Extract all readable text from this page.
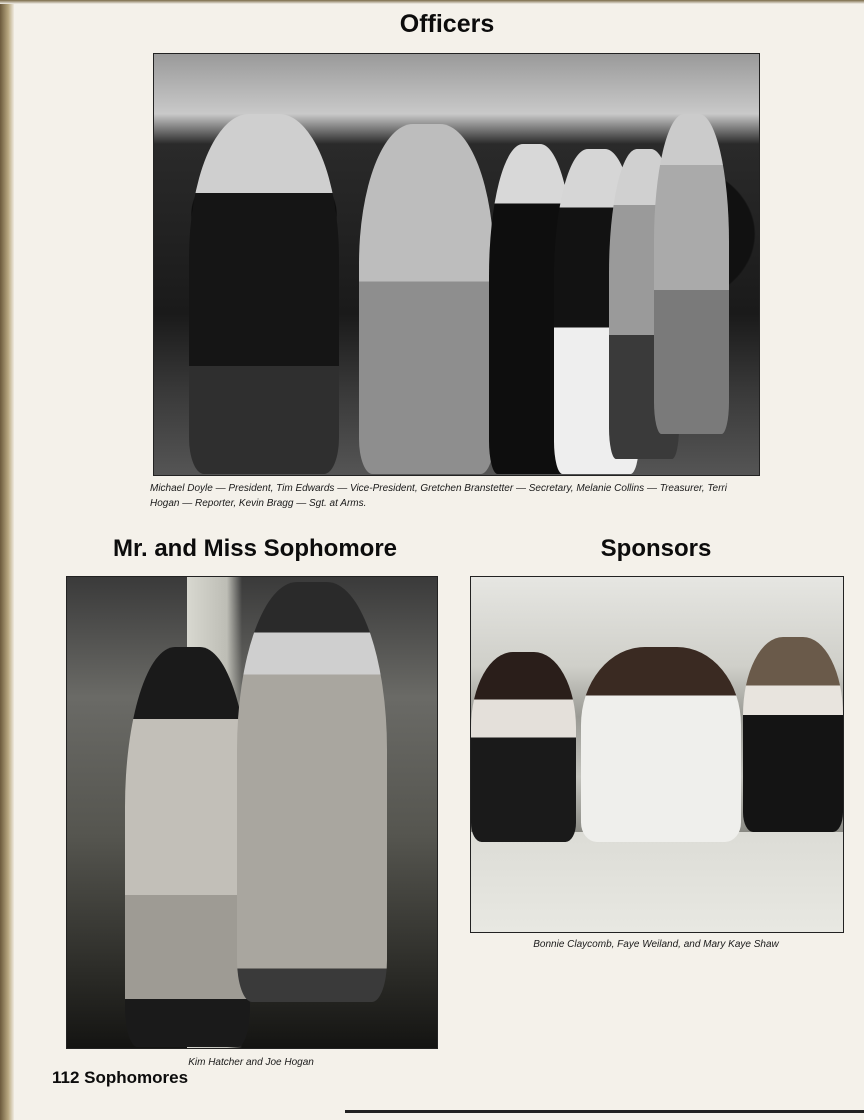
Officers

Michael Doyle — President, Tim Edwards — Vice-President, Gretchen Branstetter — Secretary, Melanie Collins — Treasurer, Terri Hogan — Reporter, Kevin Bragg — Sgt. at Arms.

Mr. and Miss Sophomore

Kim Hatcher and Joe Hogan

Sponsors

Bonnie Claycomb, Faye Weiland, and Mary Kaye Shaw

112 Sophomores
